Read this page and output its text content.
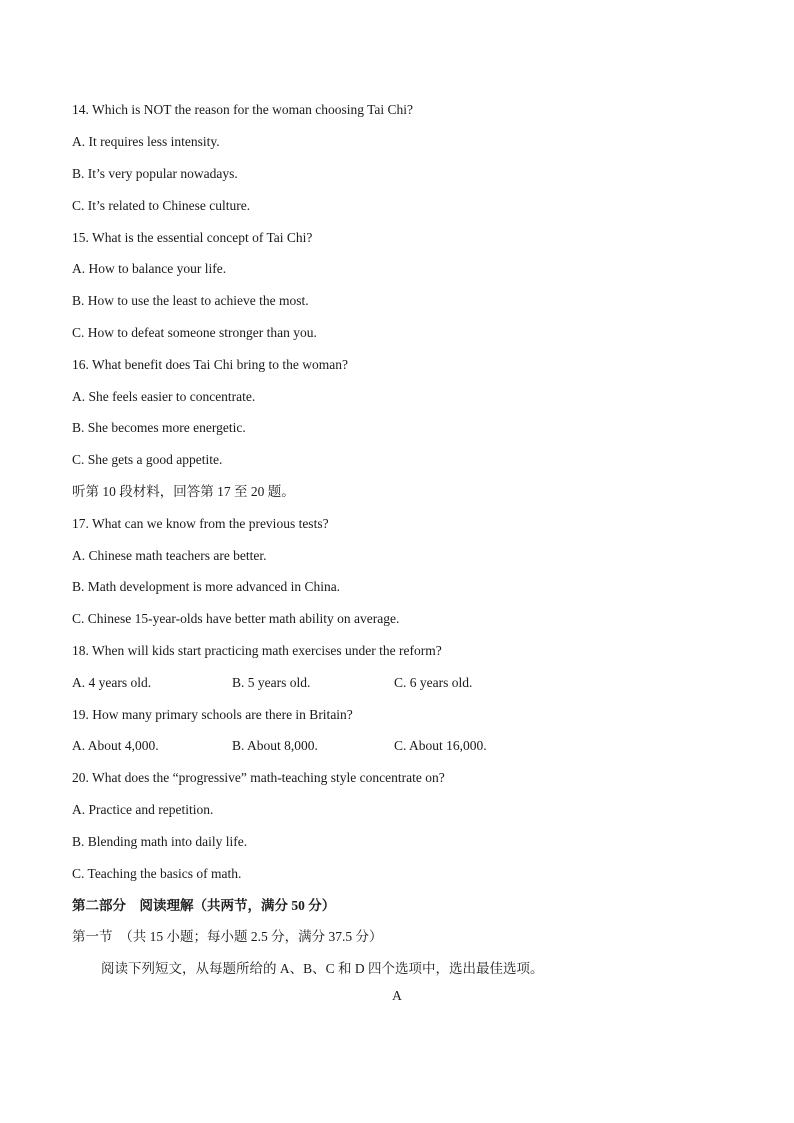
14. Which is NOT the reason for the woman choosing Tai Chi?
A. It requires less intensity.
B. It’s very popular nowadays.
C. It’s related to Chinese culture.
15. What is the essential concept of Tai Chi?
A. How to balance your life.
B. How to use the least to achieve the most.
C. How to defeat someone stronger than you.
16. What benefit does Tai Chi bring to the woman?
A. She feels easier to concentrate.
B. She becomes more energetic.
C. She gets a good appetite.
听第 10 段材料，回答第 17 至 20 题。
17. What can we know from the previous tests?
A. Chinese math teachers are better.
B. Math development is more advanced in China.
C. Chinese 15-year-olds have better math ability on average.
18. When will kids start practicing math exercises under the reform?
A. 4 years old.	B. 5 years old.	C. 6 years old.
19. How many primary schools are there in Britain?
A. About 4,000.	B. About 8,000.	C. About 16,000.
20. What does the “progressive” math-teaching style concentrate on?
A. Practice and repetition.
B. Blending math into daily life.
C. Teaching the basics of math.
第二部分　阅读理解（共两节，满分 50 分）
第一节　（共 15 小题；每小题 2.5 分，满分 37.5 分）
阅读下列短文，从每题所给的 A、B、C 和 D 四个选项中，选出最佳选项。
A
